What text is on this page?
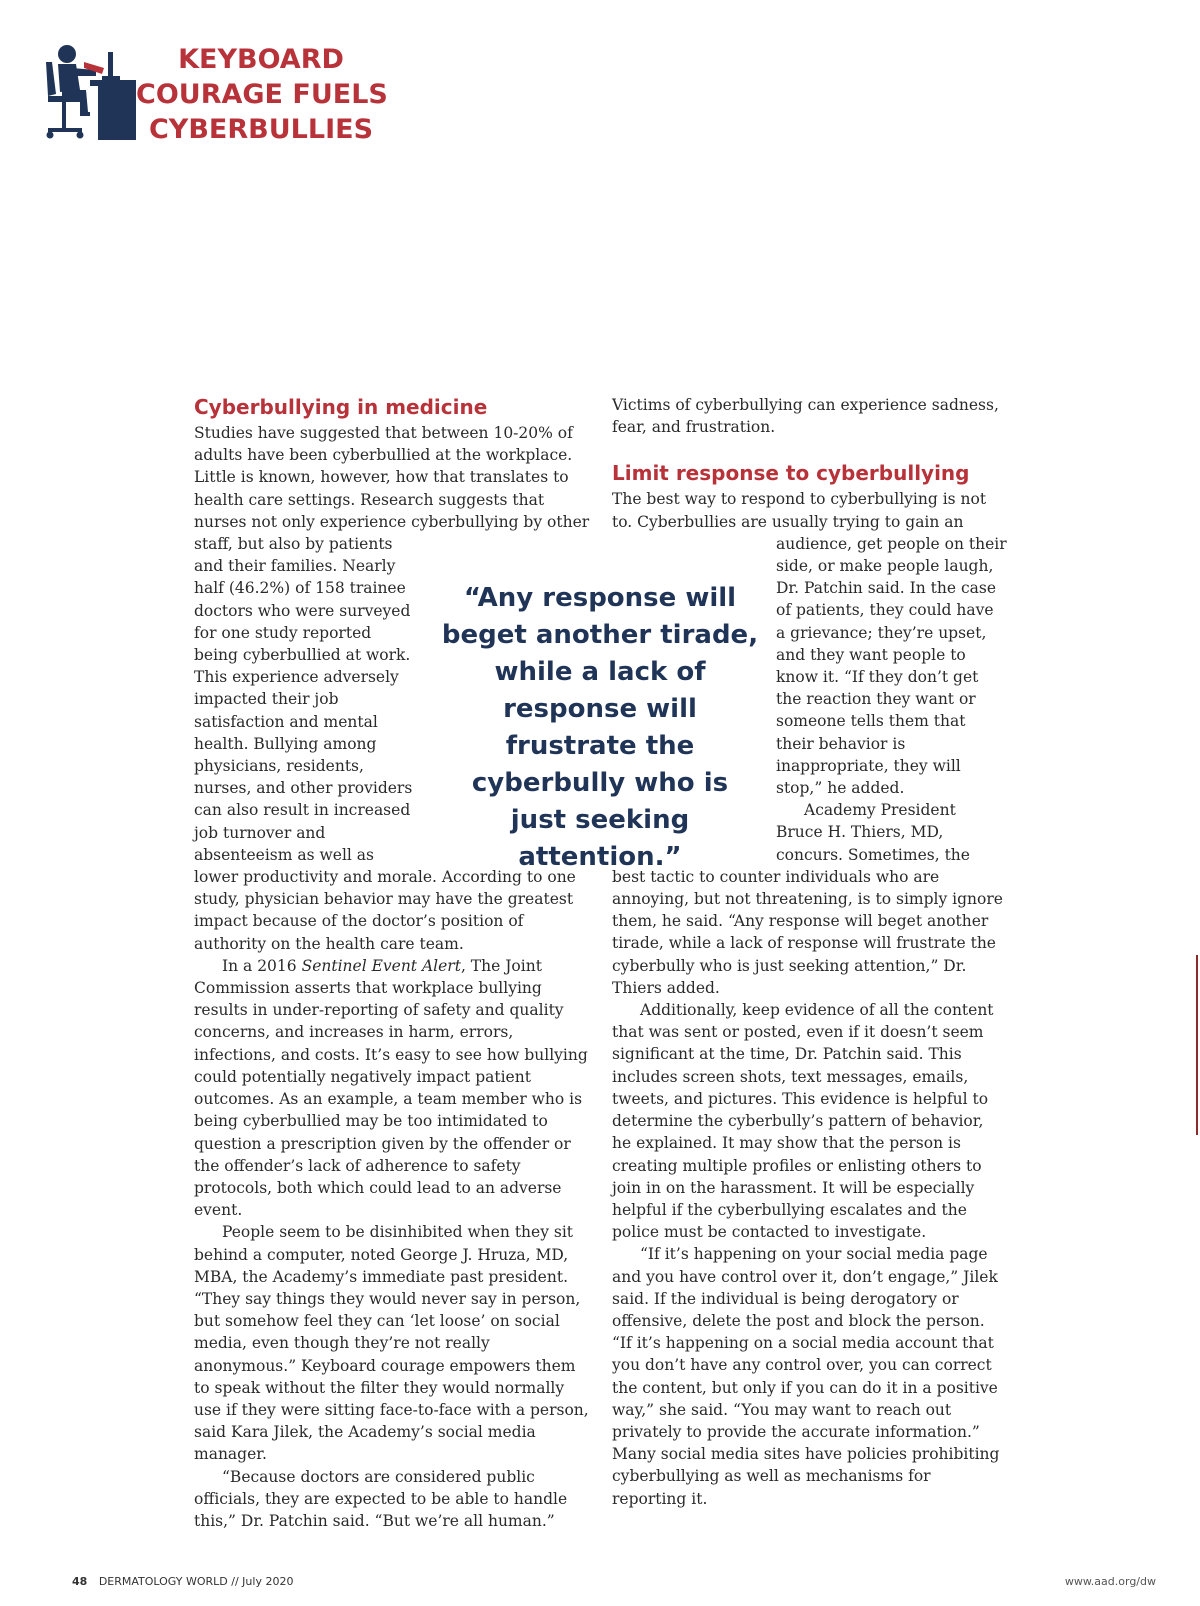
KEYBOARD
COURAGE FUELS
CYBERBULLIES
Cyberbullying in medicine

Studies have suggested that between 10-20% of adults have been cyberbullied at the workplace. Little is known, however, how that translates to health care settings. Research suggests that nurses not only experience cyberbullying by other staff, but also by patients and their families. Nearly half (46.2%) of 158 trainee doctors who were surveyed for one study reported being cyberbullied at work. This experience adversely impacted their job satisfaction and mental health. Bullying among physicians, residents, nurses, and other providers can also result in increased job turnover and absenteeism as well as lower productivity and morale. According to one study, physician behavior may have the greatest impact because of the doctor’s position of authority on the health care team.

In a 2016 Sentinel Event Alert, The Joint Commission asserts that workplace bullying results in under-reporting of safety and quality concerns, and increases in harm, errors, infections, and costs. It’s easy to see how bullying could potentially negatively impact patient outcomes. As an example, a team member who is being cyberbullied may be too intimidated to question a prescription given by the offender or the offender’s lack of adherence to safety protocols, both which could lead to an adverse event.

People seem to be disinhibited when they sit behind a computer, noted George J. Hruza, MD, MBA, the Academy’s immediate past president. “They say things they would never say in person, but somehow feel they can ‘let loose’ on social media, even though they’re not really anonymous.” Keyboard courage empowers them to speak without the filter they would normally use if they were sitting face-to-face with a person, said Kara Jilek, the Academy’s social media manager.

“Because doctors are considered public officials, they are expected to be able to handle this,” Dr. Patchin said. “But we’re all human.”

Victims of cyberbullying can experience sadness, fear, and frustration.

Limit response to cyberbullying

The best way to respond to cyberbullying is not to. Cyberbullies are usually trying to gain an audience, get people on their side, or make people laugh, Dr. Patchin said. In the case of patients, they could have a grievance; they’re upset, and they want people to know it. “If they don’t get the reaction they want or someone tells them that their behavior is inappropriate, they will stop,” he added.

Academy President Bruce H. Thiers, MD, concurs. Sometimes, the best tactic to counter individuals who are annoying, but not threatening, is to simply ignore them, he said. “Any response will beget another tirade, while a lack of response will frustrate the cyberbully who is just seeking attention,” Dr. Thiers added.

Additionally, keep evidence of all the content that was sent or posted, even if it doesn’t seem significant at the time, Dr. Patchin said. This includes screen shots, text messages, emails, tweets, and pictures. This evidence is helpful to determine the cyberbully’s pattern of behavior, he explained. It may show that the person is creating multiple profiles or enlisting others to join in on the harassment. It will be especially helpful if the cyberbullying escalates and the police must be contacted to investigate.

“If it’s happening on your social media page and you have control over it, don’t engage,” Jilek said. If the individual is being derogatory or offensive, delete the post and block the person. “If it’s happening on a social media account that you don’t have any control over, you can correct the content, but only if you can do it in a positive way,” she said. “You may want to reach out privately to provide the accurate information.” Many social media sites have policies prohibiting cyberbullying as well as mechanisms for reporting it.

“Any response will beget another tirade, while a lack of response will frustrate the cyberbully who is just seeking attention.”
48 DERMATOLOGY WORLD // July 2020	www.aad.org/dw
